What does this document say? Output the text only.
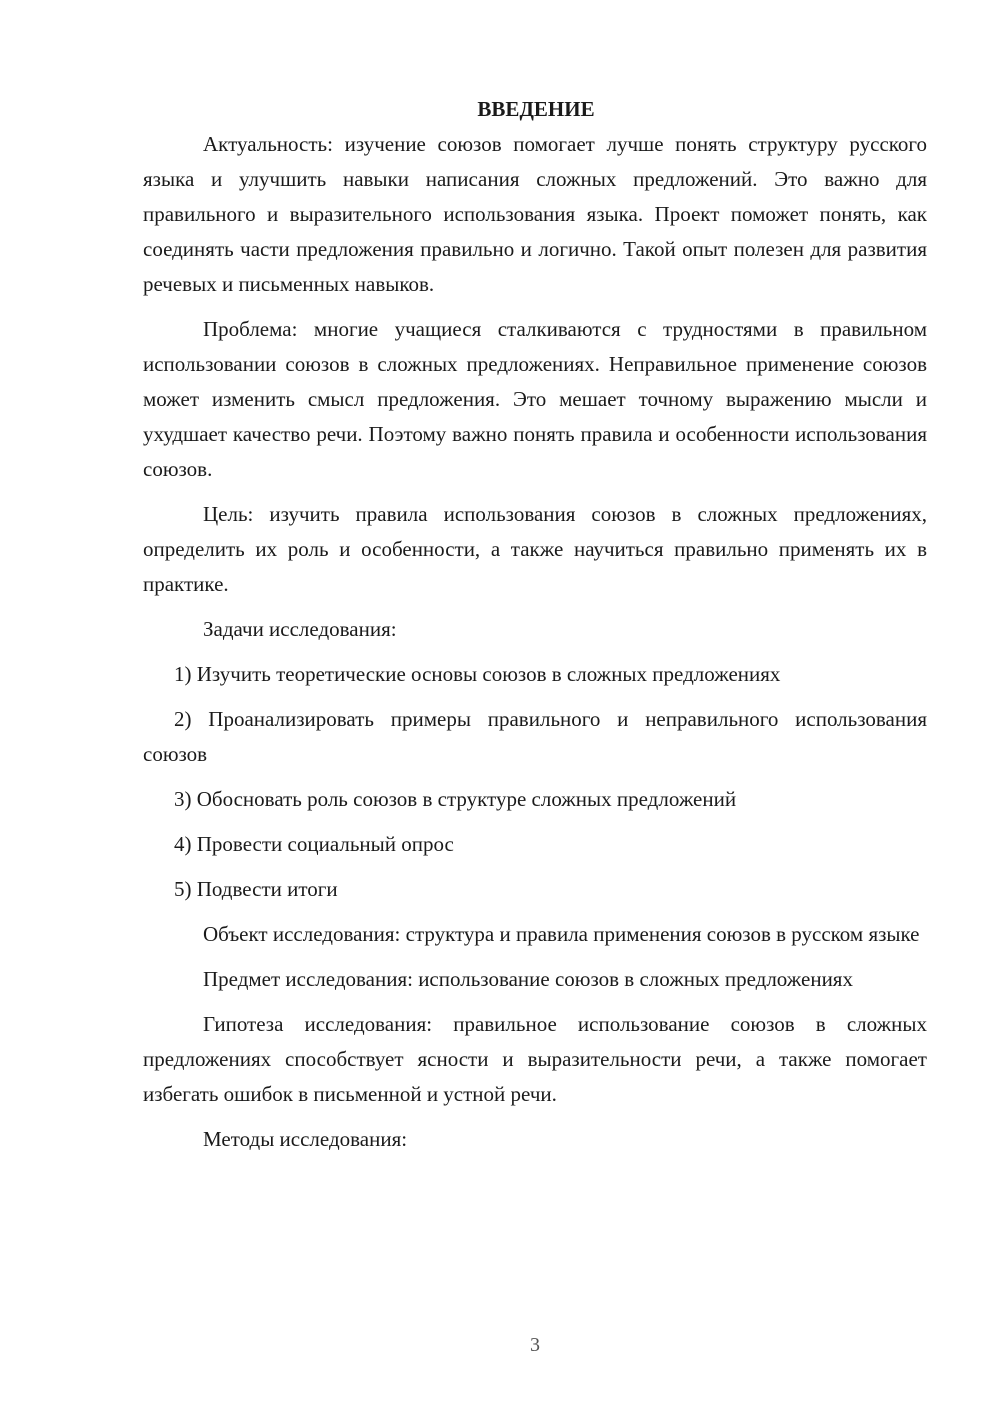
ВВЕДЕНИЕ

Актуальность: изучение союзов помогает лучше понять структуру русского языка и улучшить навыки написания сложных предложений. Это важно для правильного и выразительного использования языка. Проект поможет понять, как соединять части предложения правильно и логично. Такой опыт полезен для развития речевых и письменных навыков.

Проблема: многие учащиеся сталкиваются с трудностями в правильном использовании союзов в сложных предложениях. Неправильное применение союзов может изменить смысл предложения. Это мешает точному выражению мысли и ухудшает качество речи. Поэтому важно понять правила и особенности использования союзов.

Цель: изучить правила использования союзов в сложных предложениях, определить их роль и особенности, а также научиться правильно применять их в практике.

Задачи исследования:

1) Изучить теоретические основы союзов в сложных предложениях

2) Проанализировать примеры правильного и неправильного использования союзов

3) Обосновать роль союзов в структуре сложных предложений

4) Провести социальный опрос

5) Подвести итоги

Объект исследования: структура и правила применения союзов в русском языке

Предмет исследования: использование союзов в сложных предложениях

Гипотеза исследования: правильное использование союзов в сложных предложениях способствует ясности и выразительности речи, а также помогает избегать ошибок в письменной и устной речи.

Методы исследования:

3
